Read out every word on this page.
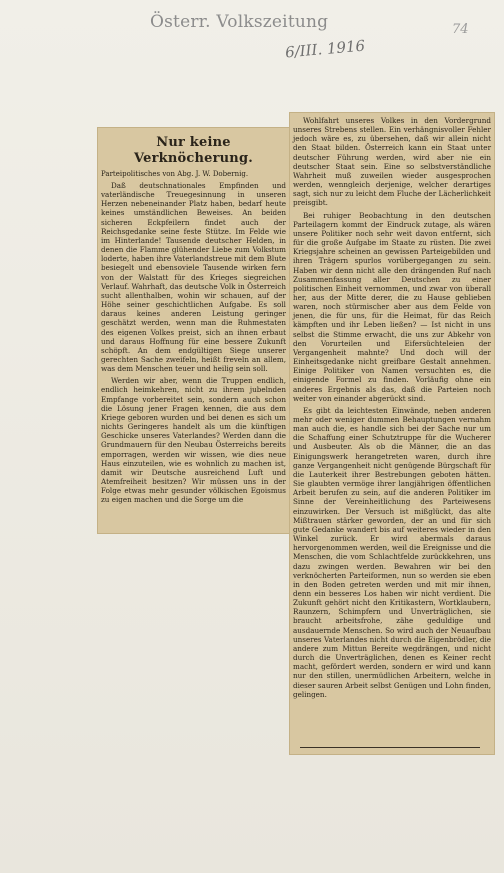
Österr. Volkszeitung
6/III. 1916
74
Nur keine Verknöcherung.
Parteipolitisches von Abg. J. W. Dobernig.

Daß deutschnationales Empfinden und vaterländische Treuegesinnung in unseren Herzen nebeneinander Platz haben, bedarf heute keines umständlichen Beweises. An beiden sicheren Eckpfeilern findet auch der Reichsgedanke seine feste Stütze. Im Felde wie im Hinterlande! Tausende deutscher Helden, in denen die Flamme glühender Liebe zum Volkstum loderte, haben ihre Vaterlandstreue mit dem Blute besiegelt und ebensoviele Tausende wirken fern von der Walstatt für des Krieges siegreichen Verlauf. Wahrhaft, das deutsche Volk in Österreich sucht allenthalben, wohin wir schauen, auf der Höhe seiner geschichtlichen Aufgabe. Es soll daraus keines anderen Leistung geringer geschätzt werden, wenn man die Ruhmestaten des eigenen Volkes preist, sich an ihnen erbaut und daraus Hoffnung für eine bessere Zukunft schöpft. An dem endgültigen Siege unserer gerechten Sache zweifeln, heißt freveln an allem, was dem Menschen teuer und heilig sein soll.

Werden wir aber, wenn die Truppen endlich, endlich heimkehren, nicht zu ihrem jubelnden Empfange vorbereitet sein, sondern auch schon die Lösung jener Fragen kennen, die aus dem Kriege geboren wurden und bei denen es sich um nichts Geringeres handelt als um die künftigen Geschicke unseres Vaterlandes? Werden dann die Grundmauern für den Neubau Österreichs bereits emporragen, werden wir wissen, wie dies neue Haus einzuteilen, wie es wohnlich zu machen ist, damit wir Deutsche ausreichend Luft und Atemfreiheit besitzen? Wir müssen uns in der Folge etwas mehr gesunder völkischen Egoismus zu eigen machen und die Sorge um die

Wohlfahrt unseres Volkes in den Vordergrund unseres Strebens stellen. Ein verhängnisvoller Fehler jedoch wäre es, zu übersehen, daß wir allein nicht den Staat bilden. Österreich kann ein Staat unter deutscher Führung werden, wird aber nie ein deutscher Staat sein. Eine so selbstverständliche Wahrheit muß zuweilen wieder ausgesprochen werden, wenngleich derjenige, welcher derartiges sagt, sich nur zu leicht dem Fluche der Lächerlichkeit preisgibt.

Bei ruhiger Beobachtung in den deutschen Parteilagern kommt der Eindruck zutage, als wären unsere Politiker noch sehr weit davon entfernt, sich für die große Aufgabe im Staate zu rüsten. Die zwei Kriegsjahre scheinen an gewissen Parteigebilden und ihren Trägern spurlos vorübergegangen zu sein. Haben wir denn nicht alle den drängenden Ruf nach Zusammenfassung aller Deutschen zu einer politischen Einheit vernommen, und zwar von überall her, aus der Mitte derer, die zu Hause geblieben waren, noch stürmischer aber aus dem Felde von jenen, die für uns, für die Heimat, für das Reich kämpften und ihr Leben ließen? — Ist nicht in uns selbst die Stimme erwacht, die uns zur Abkehr von den Vorurteilen und Eifersüchteleien der Vergangenheit mahnte? Und doch will der Einheitsgedanke nicht greifbare Gestalt annehmen. Einige Politiker von Namen versuchten es, die einigende Formel zu finden. Vorläufig ohne ein anderes Ergebnis als das, daß die Parteien noch weiter von einander abgerückt sind.

Es gibt da leichtesten Einwände, neben anderen mehr oder weniger dummen Behauptungen vernahm man auch die, es handle sich bei der Sache nur um die Schaffung einer Schutztruppe für die Wucherer und Ausbeuter. Als ob die Männer, die an das Einigungswerk herangetreten waren, durch ihre ganze Vergangenheit nicht genügende Bürgschaft für die Lauterkeit ihrer Bestrebungen geboten hätten. Sie glaubten vermöge ihrer langjährigen öffentlichen Arbeit berufen zu sein, auf die anderen Politiker im Sinne der Vereinheitlichung des Parteiwesens einzuwirken. Der Versuch ist mißglückt, das alte Mißtrauen stärker geworden, der an und für sich gute Gedanke wandert bis auf weiteres wieder in den Winkel zurück. Er wird abermals daraus hervorgenommen werden, weil die Ereignisse und die Menschen, die vom Schlachtfelde zurückkehren, uns dazu zwingen werden. Bewahren wir bei den verknöcherten Parteiformen, nun so werden sie eben in den Boden getreten werden und mit mir ihnen, denn ein besseres Los haben wir nicht verdient. Die Zukunft gehört nicht den Kritikastern, Wortklaubern, Raunzern, Schimpfern und Unverträglichen, sie braucht arbeitsfrohe, zähe geduldige und ausdauernde Menschen. So wird auch der Neuaufbau unseres Vaterlandes nicht durch die Eigenbrödler, die andere zum Mittun Bereite wegdrängen, und nicht durch die Unverträglichen, denen es Keiner recht macht, gefördert werden, sondern er wird und kann nur den stillen, unermüdlichen Arbeitern, welche in dieser sauren Arbeit selbst Genügen und Lohn finden, gelingen.
